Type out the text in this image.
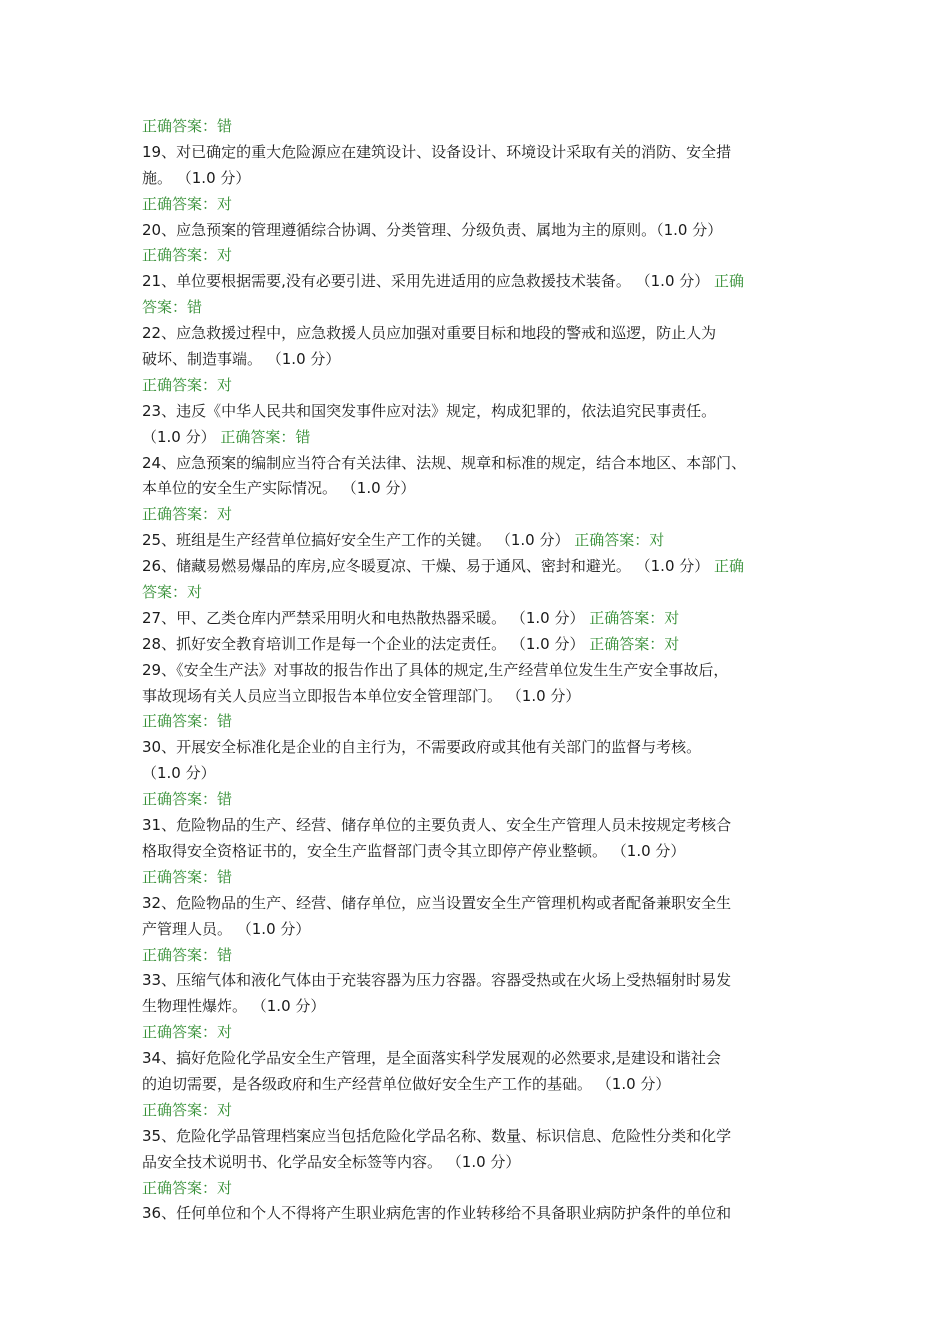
正确答案：错
19、对已确定的重大危险源应在建筑设计、设备设计、环境设计采取有关的消防、安全措
施。 （1.0 分）
正确答案：对
20、应急预案的管理遵循综合协调、分类管理、分级负责、属地为主的原则。（1.0 分）
正确答案：对
21、单位要根据需要,没有必要引进、采用先进适用的应急救援技术装备。 （1.0 分） 正确
答案：错
22、应急救援过程中，应急救援人员应加强对重要目标和地段的警戒和巡逻，防止人为
破坏、制造事端。 （1.0 分）
正确答案：对
23、违反《中华人民共和国突发事件应对法》规定，构成犯罪的，依法追究民事责任。
（1.0 分） 正确答案：错
24、应急预案的编制应当符合有关法律、法规、规章和标准的规定，结合本地区、本部门、
本单位的安全生产实际情况。 （1.0 分）
正确答案：对
25、班组是生产经营单位搞好安全生产工作的关键。 （1.0 分） 正确答案：对
26、储藏易燃易爆品的库房,应冬暖夏凉、干燥、易于通风、密封和避光。 （1.0 分） 正确
答案：对
27、甲、乙类仓库内严禁采用明火和电热散热器采暖。 （1.0 分） 正确答案：对
28、抓好安全教育培训工作是每一个企业的法定责任。 （1.0 分） 正确答案：对
29、《安全生产法》对事故的报告作出了具体的规定,生产经营单位发生生产安全事故后，
事故现场有关人员应当立即报告本单位安全管理部门。 （1.0 分）
正确答案：错
30、开展安全标准化是企业的自主行为，不需要政府或其他有关部门的监督与考核。
（1.0 分）
正确答案：错
31、危险物品的生产、经营、储存单位的主要负责人、安全生产管理人员未按规定考核合
格取得安全资格证书的，安全生产监督部门责令其立即停产停业整顿。 （1.0 分）
正确答案：错
32、危险物品的生产、经营、储存单位，应当设置安全生产管理机构或者配备兼职安全生
产管理人员。 （1.0 分）
正确答案：错
33、压缩气体和液化气体由于充装容器为压力容器。容器受热或在火场上受热辐射时易发
生物理性爆炸。 （1.0 分）
正确答案：对
34、搞好危险化学品安全生产管理，是全面落实科学发展观的必然要求,是建设和谐社会
的迫切需要，是各级政府和生产经营单位做好安全生产工作的基础。 （1.0 分）
正确答案：对
35、危险化学品管理档案应当包括危险化学品名称、数量、标识信息、危险性分类和化学
品安全技术说明书、化学品安全标签等内容。 （1.0 分）
正确答案：对
36、任何单位和个人不得将产生职业病危害的作业转移给不具备职业病防护条件的单位和
